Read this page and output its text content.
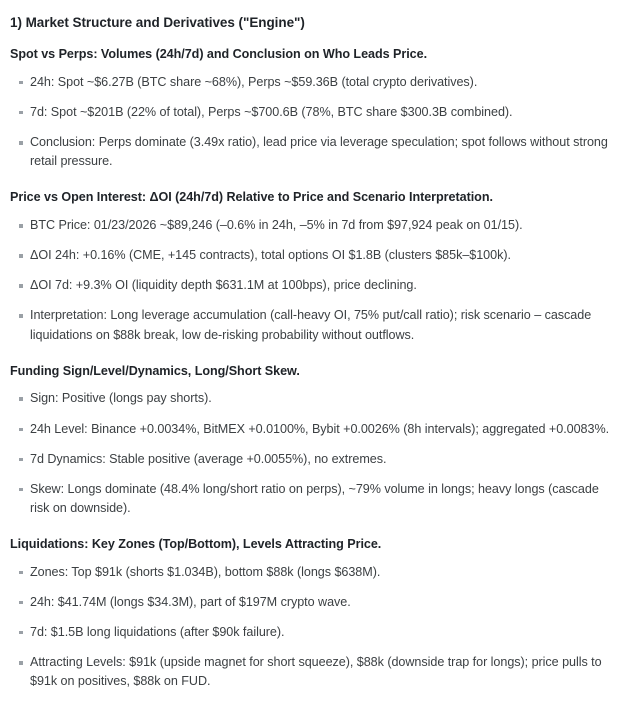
1) Market Structure and Derivatives ("Engine")
Spot vs Perps: Volumes (24h/7d) and Conclusion on Who Leads Price.
24h: Spot ~$6.27B (BTC share ~68%), Perps ~$59.36B (total crypto derivatives).
7d: Spot ~$201B (22% of total), Perps ~$700.6B (78%, BTC share $300.3B combined).
Conclusion: Perps dominate (3.49x ratio), lead price via leverage speculation; spot follows without strong retail pressure.
Price vs Open Interest: ΔOI (24h/7d) Relative to Price and Scenario Interpretation.
BTC Price: 01/23/2026 ~$89,246 (–0.6% in 24h, –5% in 7d from $97,924 peak on 01/15).
ΔOI 24h: +0.16% (CME, +145 contracts), total options OI $1.8B (clusters $85k–$100k).
ΔOI 7d: +9.3% OI (liquidity depth $631.1M at 100bps), price declining.
Interpretation: Long leverage accumulation (call-heavy OI, 75% put/call ratio); risk scenario – cascade liquidations on $88k break, low de-risking probability without outflows.
Funding Sign/Level/Dynamics, Long/Short Skew.
Sign: Positive (longs pay shorts).
24h Level: Binance +0.0034%, BitMEX +0.0100%, Bybit +0.0026% (8h intervals); aggregated +0.0083%.
7d Dynamics: Stable positive (average +0.0055%), no extremes.
Skew: Longs dominate (48.4% long/short ratio on perps), ~79% volume in longs; heavy longs (cascade risk on downside).
Liquidations: Key Zones (Top/Bottom), Levels Attracting Price.
Zones: Top $91k (shorts $1.034B), bottom $88k (longs $638M).
24h: $41.74M (longs $34.3M), part of $197M crypto wave.
7d: $1.5B long liquidations (after $90k failure).
Attracting Levels: $91k (upside magnet for short squeeze), $88k (downside trap for longs); price pulls to $91k on positives, $88k on FUD.
